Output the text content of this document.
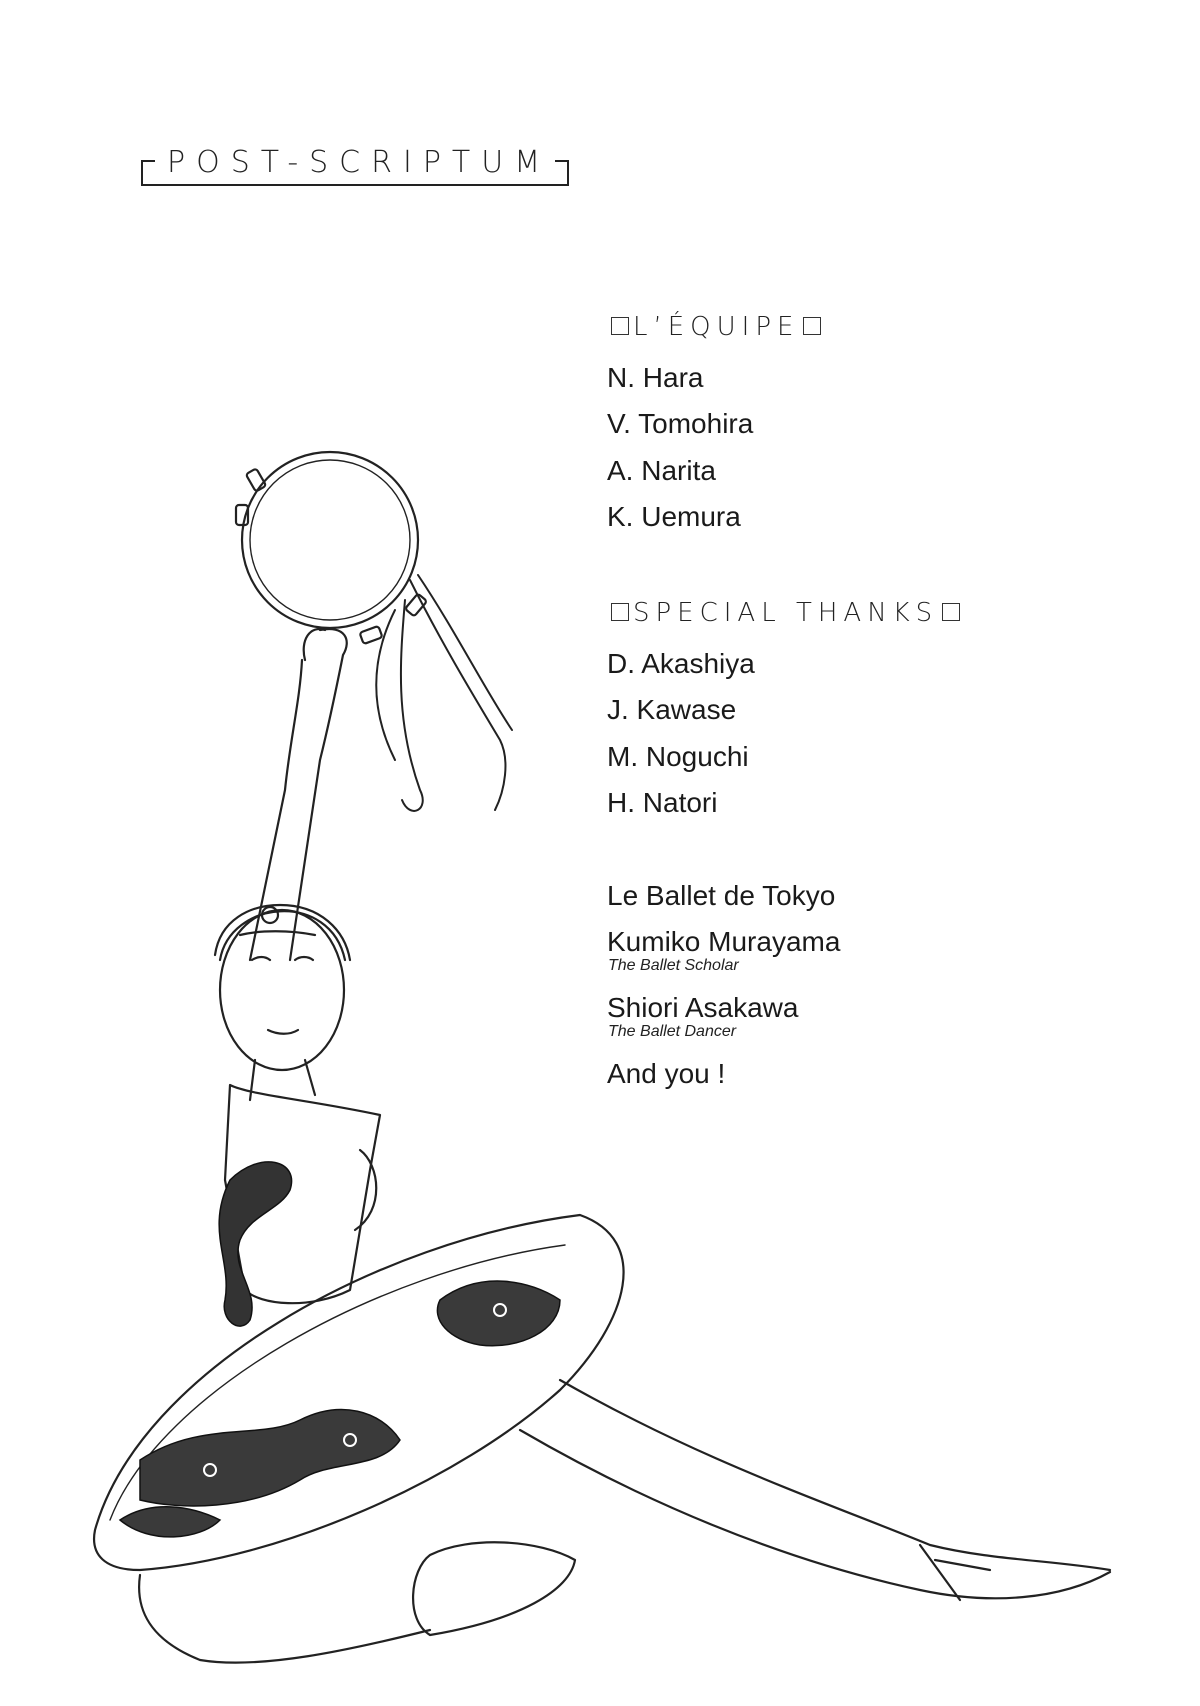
POST-SCRIPTUM
L’ÉQUIPE
N. Hara
V. Tomohira
A. Narita
K. Uemura
SPECIAL THANKS
D. Akashiya
J. Kawase
M. Noguchi
H. Natori
Le Ballet de Tokyo
Kumiko Murayama
The Ballet Scholar
Shiori Asakawa
The Ballet Dancer
And you !
